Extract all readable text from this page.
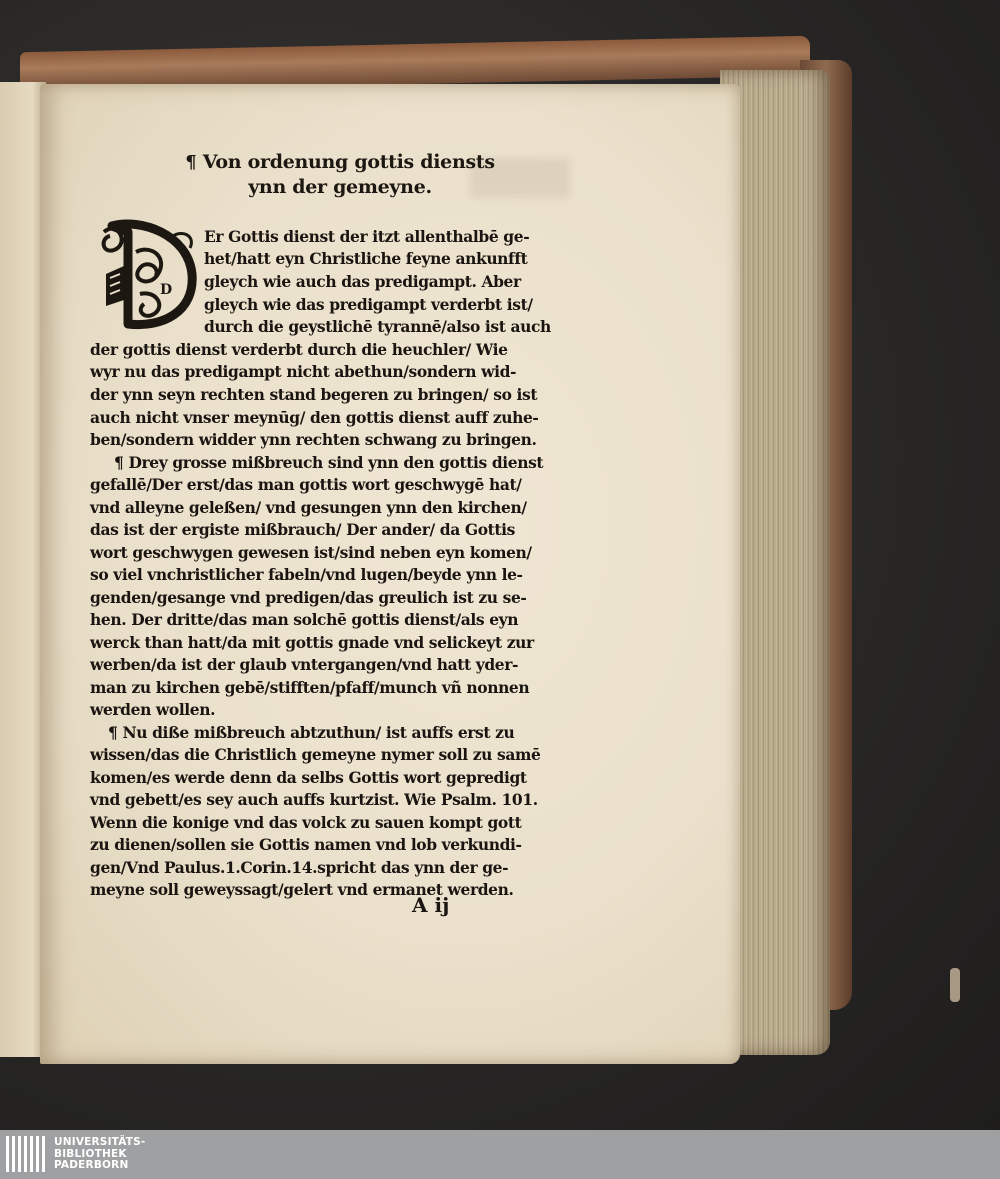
¶ Von ordenung gottis diensts
ynn der gemeyne.
D
Er Gottis dienst der itzt allenthalbē ge-
het/hatt eyn Christliche feyne ankunfft
gleych wie auch das predigampt. Aber
gleych wie das predigampt verderbt ist/
durch die geystlichē tyrannē/also ist auch
der gottis dienst verderbt durch die heuchler/ Wie
wyr nu das predigampt nicht abethun/sondern wid-
der ynn seyn rechten stand begeren zu bringen/ so ist
auch nicht vnser meynūg/ den gottis dienst auff zuhe-
ben/sondern widder ynn rechten schwang zu bringen.
¶ Drey grosse mißbreuch sind ynn den gottis dienst
gefallē/Der erst/das man gottis wort geschwygē hat/
vnd alleyne geleßen/ vnd gesungen ynn den kirchen/
das ist der ergiste mißbrauch/ Der ander/ da Gottis
wort geschwygen gewesen ist/sind neben eyn komen/
so viel vnchristlicher fabeln/vnd lugen/beyde ynn le-
genden/gesange vnd predigen/das greulich ist zu se-
hen. Der dritte/das man solchē gottis dienst/als eyn
werck than hatt/da mit gottis gnade vnd selickeyt zur
werben/da ist der glaub vntergangen/vnd hatt yder-
man zu kirchen gebē/stifften/pfaff/munch vñ nonnen
werden wollen.
¶ Nu diße mißbreuch abtzuthun/ ist auffs erst zu
wissen/das die Christlich gemeyne nymer soll zu samē
komen/es werde denn da selbs Gottis wort gepredigt
vnd gebett/es sey auch auffs kurtzist. Wie Psalm. 101.
Wenn die konige vnd das volck zu sauen kompt gott
zu dienen/sollen sie Gottis namen vnd lob verkundi-
gen/Vnd Paulus.1.Corin.14.spricht das ynn der ge-
meyne soll geweyssagt/gelert vnd ermanet werden.
A ij
UNIVERSITÄTS-
BIBLIOTHEK
PADERBORN
